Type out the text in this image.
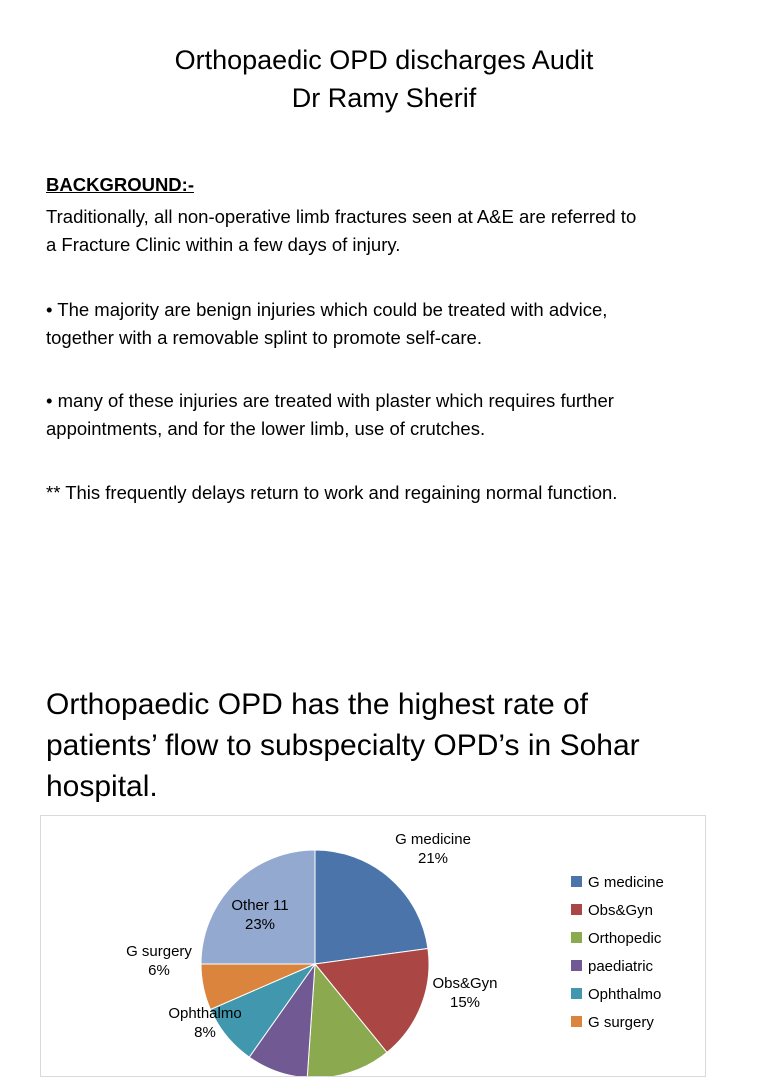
Orthopaedic OPD discharges Audit
Dr Ramy Sherif
BACKGROUND:-
Traditionally, all non-operative limb fractures seen at A&E are referred to
a Fracture Clinic within a few days of injury.
• The majority are benign injuries which could be treated with advice,
together with a removable splint to promote self-care.
• many of these injuries are treated with plaster which requires further
appointments, and for the lower limb, use of crutches.
** This frequently delays return to work and regaining normal function.
Orthopaedic OPD has the highest rate of
patients’ flow to subspecialty OPD’s in Sohar
hospital.
G medicine 21%
Obs&Gyn 15%
Ophthalmo 8%
G surgery 6%
Other 11 23%
G medicine
Obs&Gyn
Orthopedic
paediatric
Ophthalmo
G surgery
